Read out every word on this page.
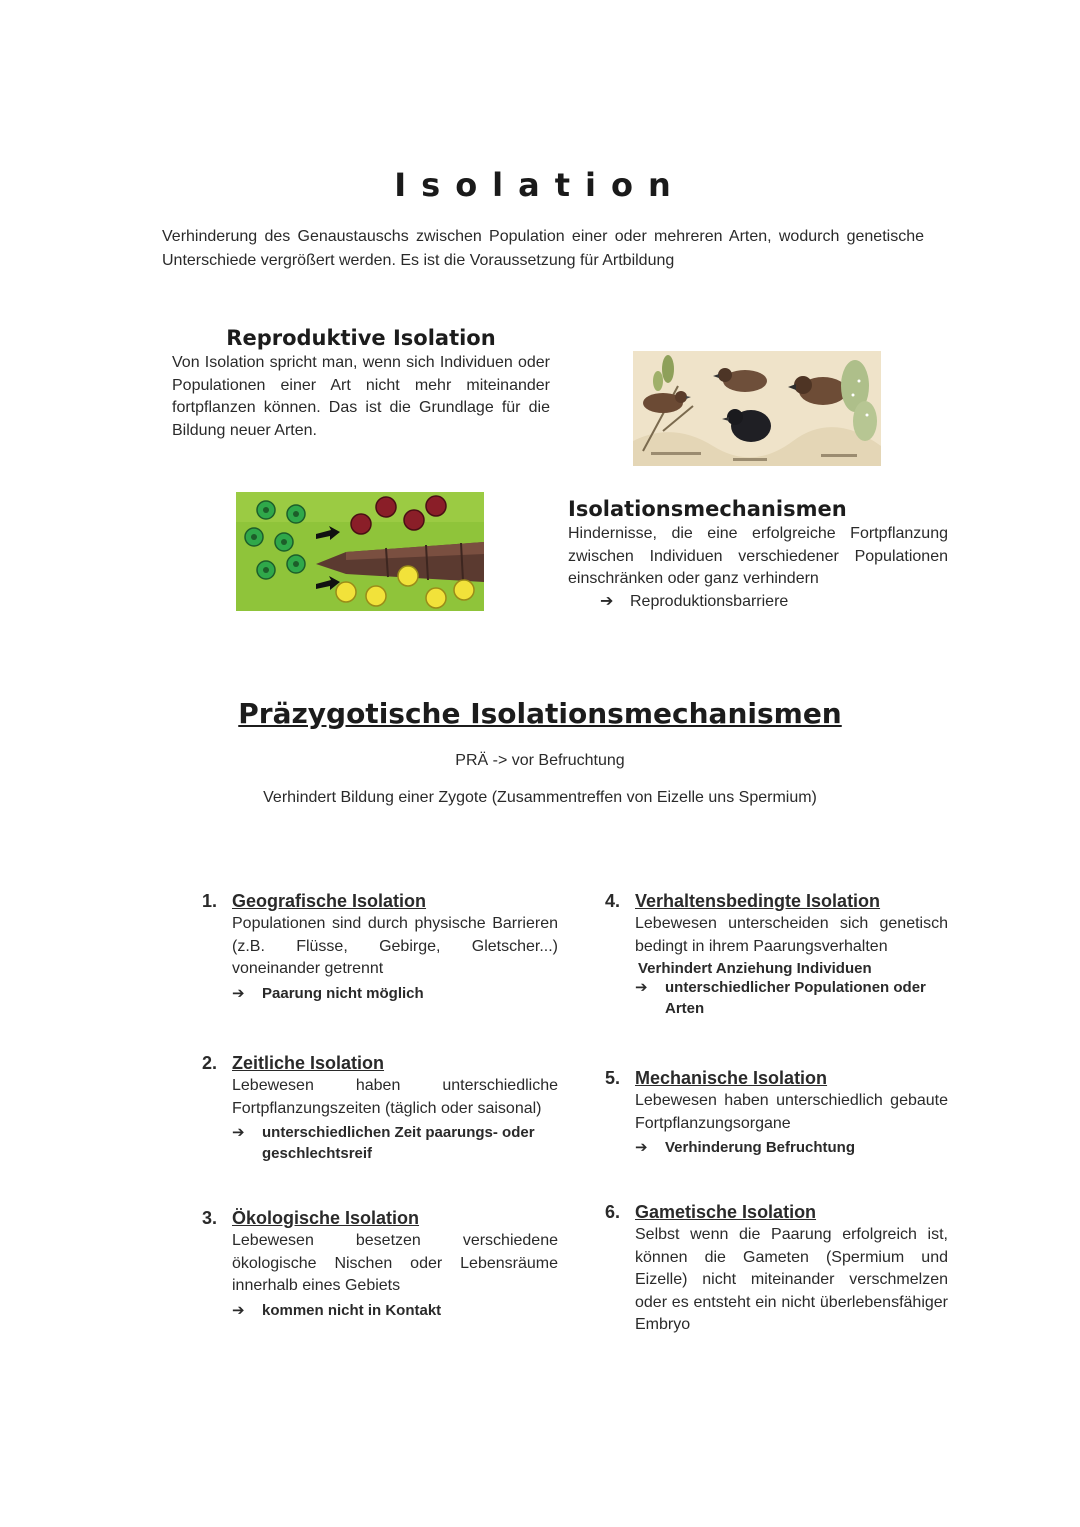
Isolation
Verhinderung des Genaustauschs zwischen Population einer oder mehreren Arten, wodurch genetische Unterschiede vergrößert werden. Es ist die Voraussetzung für Artbildung
Reproduktive Isolation
Von Isolation spricht man, wenn sich Individuen oder Populationen einer Art nicht mehr miteinander fortpflanzen können. Das ist die Grundlage für die Bildung neuer Arten.
Isolationsmechanismen
Hindernisse, die eine erfolgreiche Fortpflanzung zwischen Individuen verschiedener Populationen einschränken oder ganz verhindern
➔	Reproduktionsbarriere
Präzygotische Isolationsmechanismen
PRÄ -> vor Befruchtung
Verhindert Bildung einer Zygote (Zusammentreffen von Eizelle uns Spermium)
1. Geografische Isolation
Populationen sind durch physische Barrieren (z.B. Flüsse, Gebirge, Gletscher...) voneinander getrennt
➔	Paarung nicht möglich
2. Zeitliche Isolation
Lebewesen haben unterschiedliche Fortpflanzungszeiten (täglich oder saisonal)
➔	unterschiedlichen Zeit paarungs- oder geschlechtsreif
3. Ökologische Isolation
Lebewesen besetzen verschiedene ökologische Nischen oder Lebensräume innerhalb eines Gebiets
➔	kommen nicht in Kontakt
4. Verhaltensbedingte Isolation
Lebewesen unterscheiden sich genetisch bedingt in ihrem Paarungsverhalten
Verhindert Anziehung Individuen
➔	unterschiedlicher Populationen oder Arten
5. Mechanische Isolation
Lebewesen haben unterschiedlich gebaute Fortpflanzungsorgane
➔	Verhinderung Befruchtung
6. Gametische Isolation
Selbst wenn die Paarung erfolgreich ist, können die Gameten (Spermium und Eizelle) nicht miteinander verschmelzen oder es entsteht ein nicht überlebensfähiger Embryo
